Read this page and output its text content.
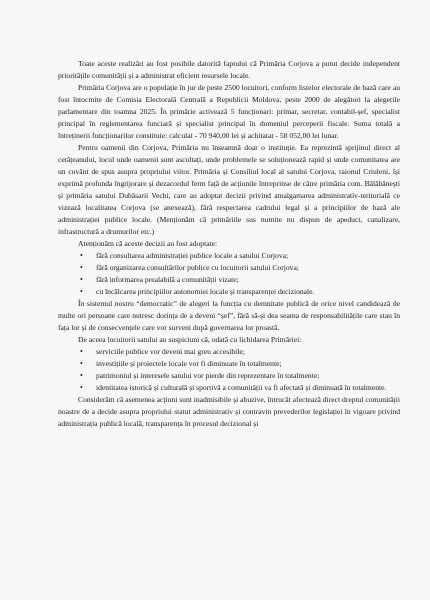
Toate aceste realizări au fost posibile datorită faptului că Primăria Corjova a putut decide independent prioritățile comunității și a administrat eficient resursele locale.

Primăria Corjova are o populație în jur de peste 2500 locuitori, conform listelor electorale de bază care au fost întocmite de Comisia Electorală Centrală a Republicii Moldova, peste 2000 de alegători la alegerile parlamentare din toamna 2025. În primărie activează 5 funcționari: primar, secretar, contabil-șef, specialist principal în reglementarea funciară și specialist principal în domeniul perceperii fiscale. Suma totală a întreținerii funcționarilor constituie: calculat - 70 940,00 lei și achitatat - 58 052,00 lei lunar.

Pentru oamenii din Corjova, Primăria nu înseamnă doar o instituție. Ea reprezintă sprijinul direct al cetățeanului, locul unde oamenii sunt ascultați, unde problemele se soluționează rapid și unde comunitatea are un cuvânt de spus asupra propriului viitor. Primăria și Consiliul local al satului Corjova, raionul Criuleni, își exprimă profunda îngrijorare și dezacordul ferm față de acțiunile întreprinse de către primăria com. Bălăbănești și primăria satului Dubăsarii Vechi, care au adoptat decizii privind amalgamarea administrativ-teritorială ce vizează localitatea Corjova (se anexează), fără respectarea cadrului legal și a principiilor de bază ale administrației publice locale. (Menționăm că primăriile sus numite nu dispun de apeduct, canalizare, infrastructură a drumurilor etc.)

Atenționăm că aceste decizii au fost adoptate:

• fără consultarea administrației publice locale a satului Corjova;
• fără organizarea consultărilor publice cu locuitorii satului Corjova;
• fără informarea prealabilă a comunității vizate;
• cu încălcarea principiilor autonomiei locale și transparenței decizionale.

În sistemul nostru “democratic” de alegeri la funcția cu demnitate publică de orice nivel candidează de multe ori persoane care nutresc dorința de a deveni “șef”, fără să-și dea seama de responsabilitățile care stau în fața lor și de consecvențele care vor surveni după guvernarea lor proastă.

De aceea locuitorii satului au suspiciuni că, odată cu lichidarea Primăriei:

• serviciile publice vor deveni mai greu accesibile;
• investițiile și proiectele locale vor fi diminuate în totalmente;
• patrimoniul și interesele satului vor pierde din reprezentare în totalmente;
• identitatea istorică și culturală și sportivă a comunității va fi afectată și diminuată în totalmente.

Considerăm că asemenea acțiuni sunt inadmisibile și abuzive, întrucât afectează direct dreptul comunității noastre de a decide asupra propriului statut administrativ și contravin prevederilor legislației în vigoare privind administrația publică locală, transparența în procesul decizional și
